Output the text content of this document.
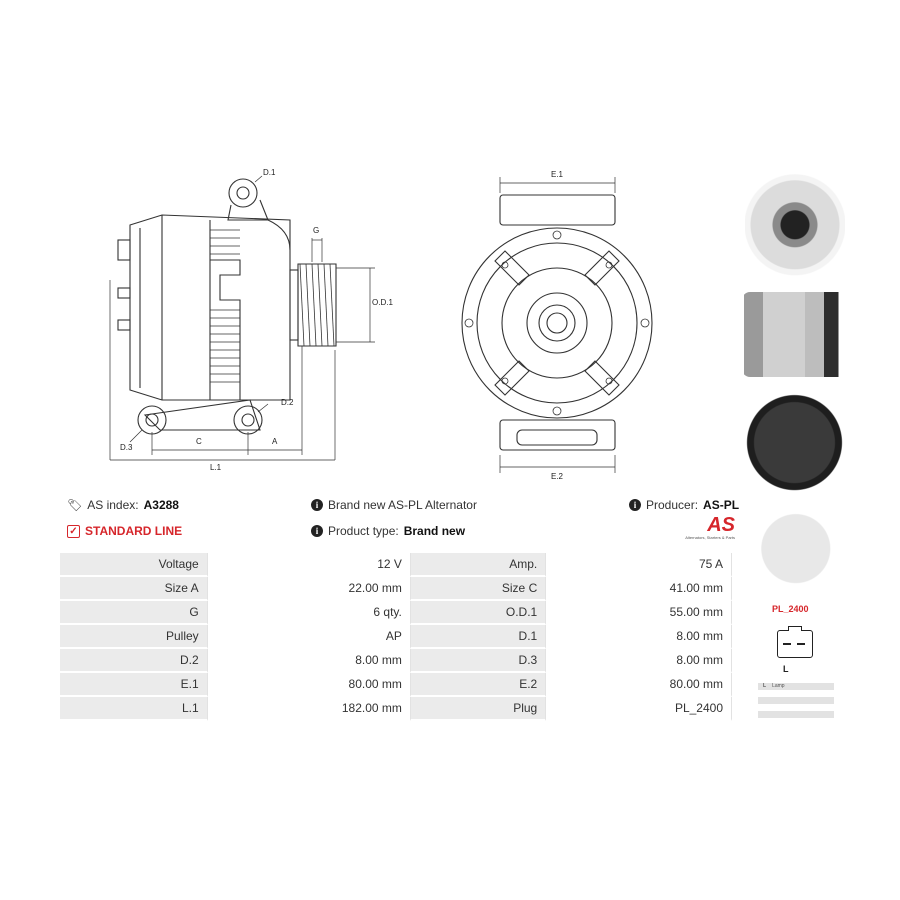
D.1
G
O.D.1
D.2
D.3
C	A
L.1
E.1
E.2
🏷︎ AS index: A3288
✓ STANDARD LINE
i Brand new AS-PL Alternator
i Product type: Brand new
i Producer: AS-PL
AS
Alternators, Starters & Parts
Voltage	12 V	Amp.	75 A
Size A	22.00 mm	Size C	41.00 mm
G	6 qty.	O.D.1	55.00 mm
Pulley	AP	D.1	8.00 mm
D.2	8.00 mm	D.3	8.00 mm
E.1	80.00 mm	E.2	80.00 mm
L.1	182.00 mm	Plug	PL_2400
PL_2400
L
L Lamp
